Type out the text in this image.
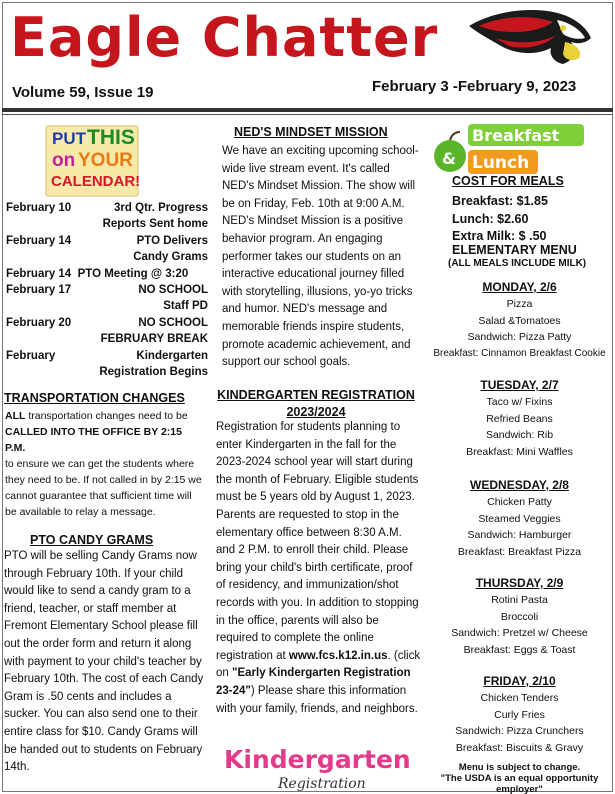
Eagle Chatter
Volume 59, Issue 19	February 3 -February 9, 2023
PUT THIS
on YOUR
CALENDAR!
February 10	3rd Qtr. Progress
Reports Sent home
February 14	PTO Delivers
Candy Grams
February 14 PTO Meeting @ 3:20
February 17	NO SCHOOL
Staff PD
February 20	NO SCHOOL
FEBRUARY BREAK
February	Kindergarten
Registration Begins
TRANSPORTATION CHANGES
ALL transportation changes need to be
CALLED INTO THE OFFICE BY 2:15 P.M.
to ensure we can get the students where they need to be. If not called in by 2:15 we cannot guarantee that sufficient time will be available to relay a message.
PTO CANDY GRAMS
PTO will be selling Candy Grams now through February 10th. If your child would like to send a candy gram to a friend, teacher, or staff member at Fremont Elementary School please fill out the order form and return it along with payment to your child's teacher by February 10th. The cost of each Candy Gram is .50 cents and includes a sucker. You can also send one to their entire class for $10. Candy Grams will be handed out to students on February 14th.
NED'S MINDSET MISSION
We have an exciting upcoming school-wide live stream event. It's called NED's Mindset Mission. The show will be on Friday, Feb. 10th at 9:00 A.M. NED's Mindset Mission is a positive behavior program. An engaging performer takes our students on an interactive educational journey filled with storytelling, illusions, yo-yo tricks and humor. NED's message and memorable friends inspire students, promote academic achievement, and support our school goals.
KINDERGARTEN REGISTRATION 2023/2024
Registration for students planning to enter Kindergarten in the fall for the 2023-2024 school year will start during the month of February. Eligible students must be 5 years old by August 1, 2023. Parents are requested to stop in the elementary office between 8:30 A.M. and 2 P.M. to enroll their child. Please bring your child's birth certificate, proof of residency, and immunization/shot records with you. In addition to stopping in the office, parents will also be required to complete the online registration at www.fcs.k12.in.us. (click on "Early Kindergarten Registration 23-24") Please share this information with your family, friends, and neighbors.
Kindergarten
Registration
Breakfast
& Lunch
COST FOR MEALS
Breakfast: $1.85
Lunch: $2.60
Extra Milk: $ .50
ELEMENTARY MENU
(ALL MEALS INCLUDE MILK)
MONDAY, 2/6
Pizza
Salad &Tomatoes
Sandwich: Pizza Patty
Breakfast: Cinnamon Breakfast Cookie
TUESDAY, 2/7
Taco w/ Fixins
Refried Beans
Sandwich: Rib
Breakfast: Mini Waffles
WEDNESDAY, 2/8
Chicken Patty
Steamed Veggies
Sandwich: Hamburger
Breakfast: Breakfast Pizza
THURSDAY, 2/9
Rotini Pasta
Broccoli
Sandwich: Pretzel w/ Cheese
Breakfast: Eggs & Toast
FRIDAY, 2/10
Chicken Tenders
Curly Fries
Sandwich: Pizza Crunchers
Breakfast: Biscuits & Gravy
Menu is subject to change.
"The USDA is an equal opportunity employer"
